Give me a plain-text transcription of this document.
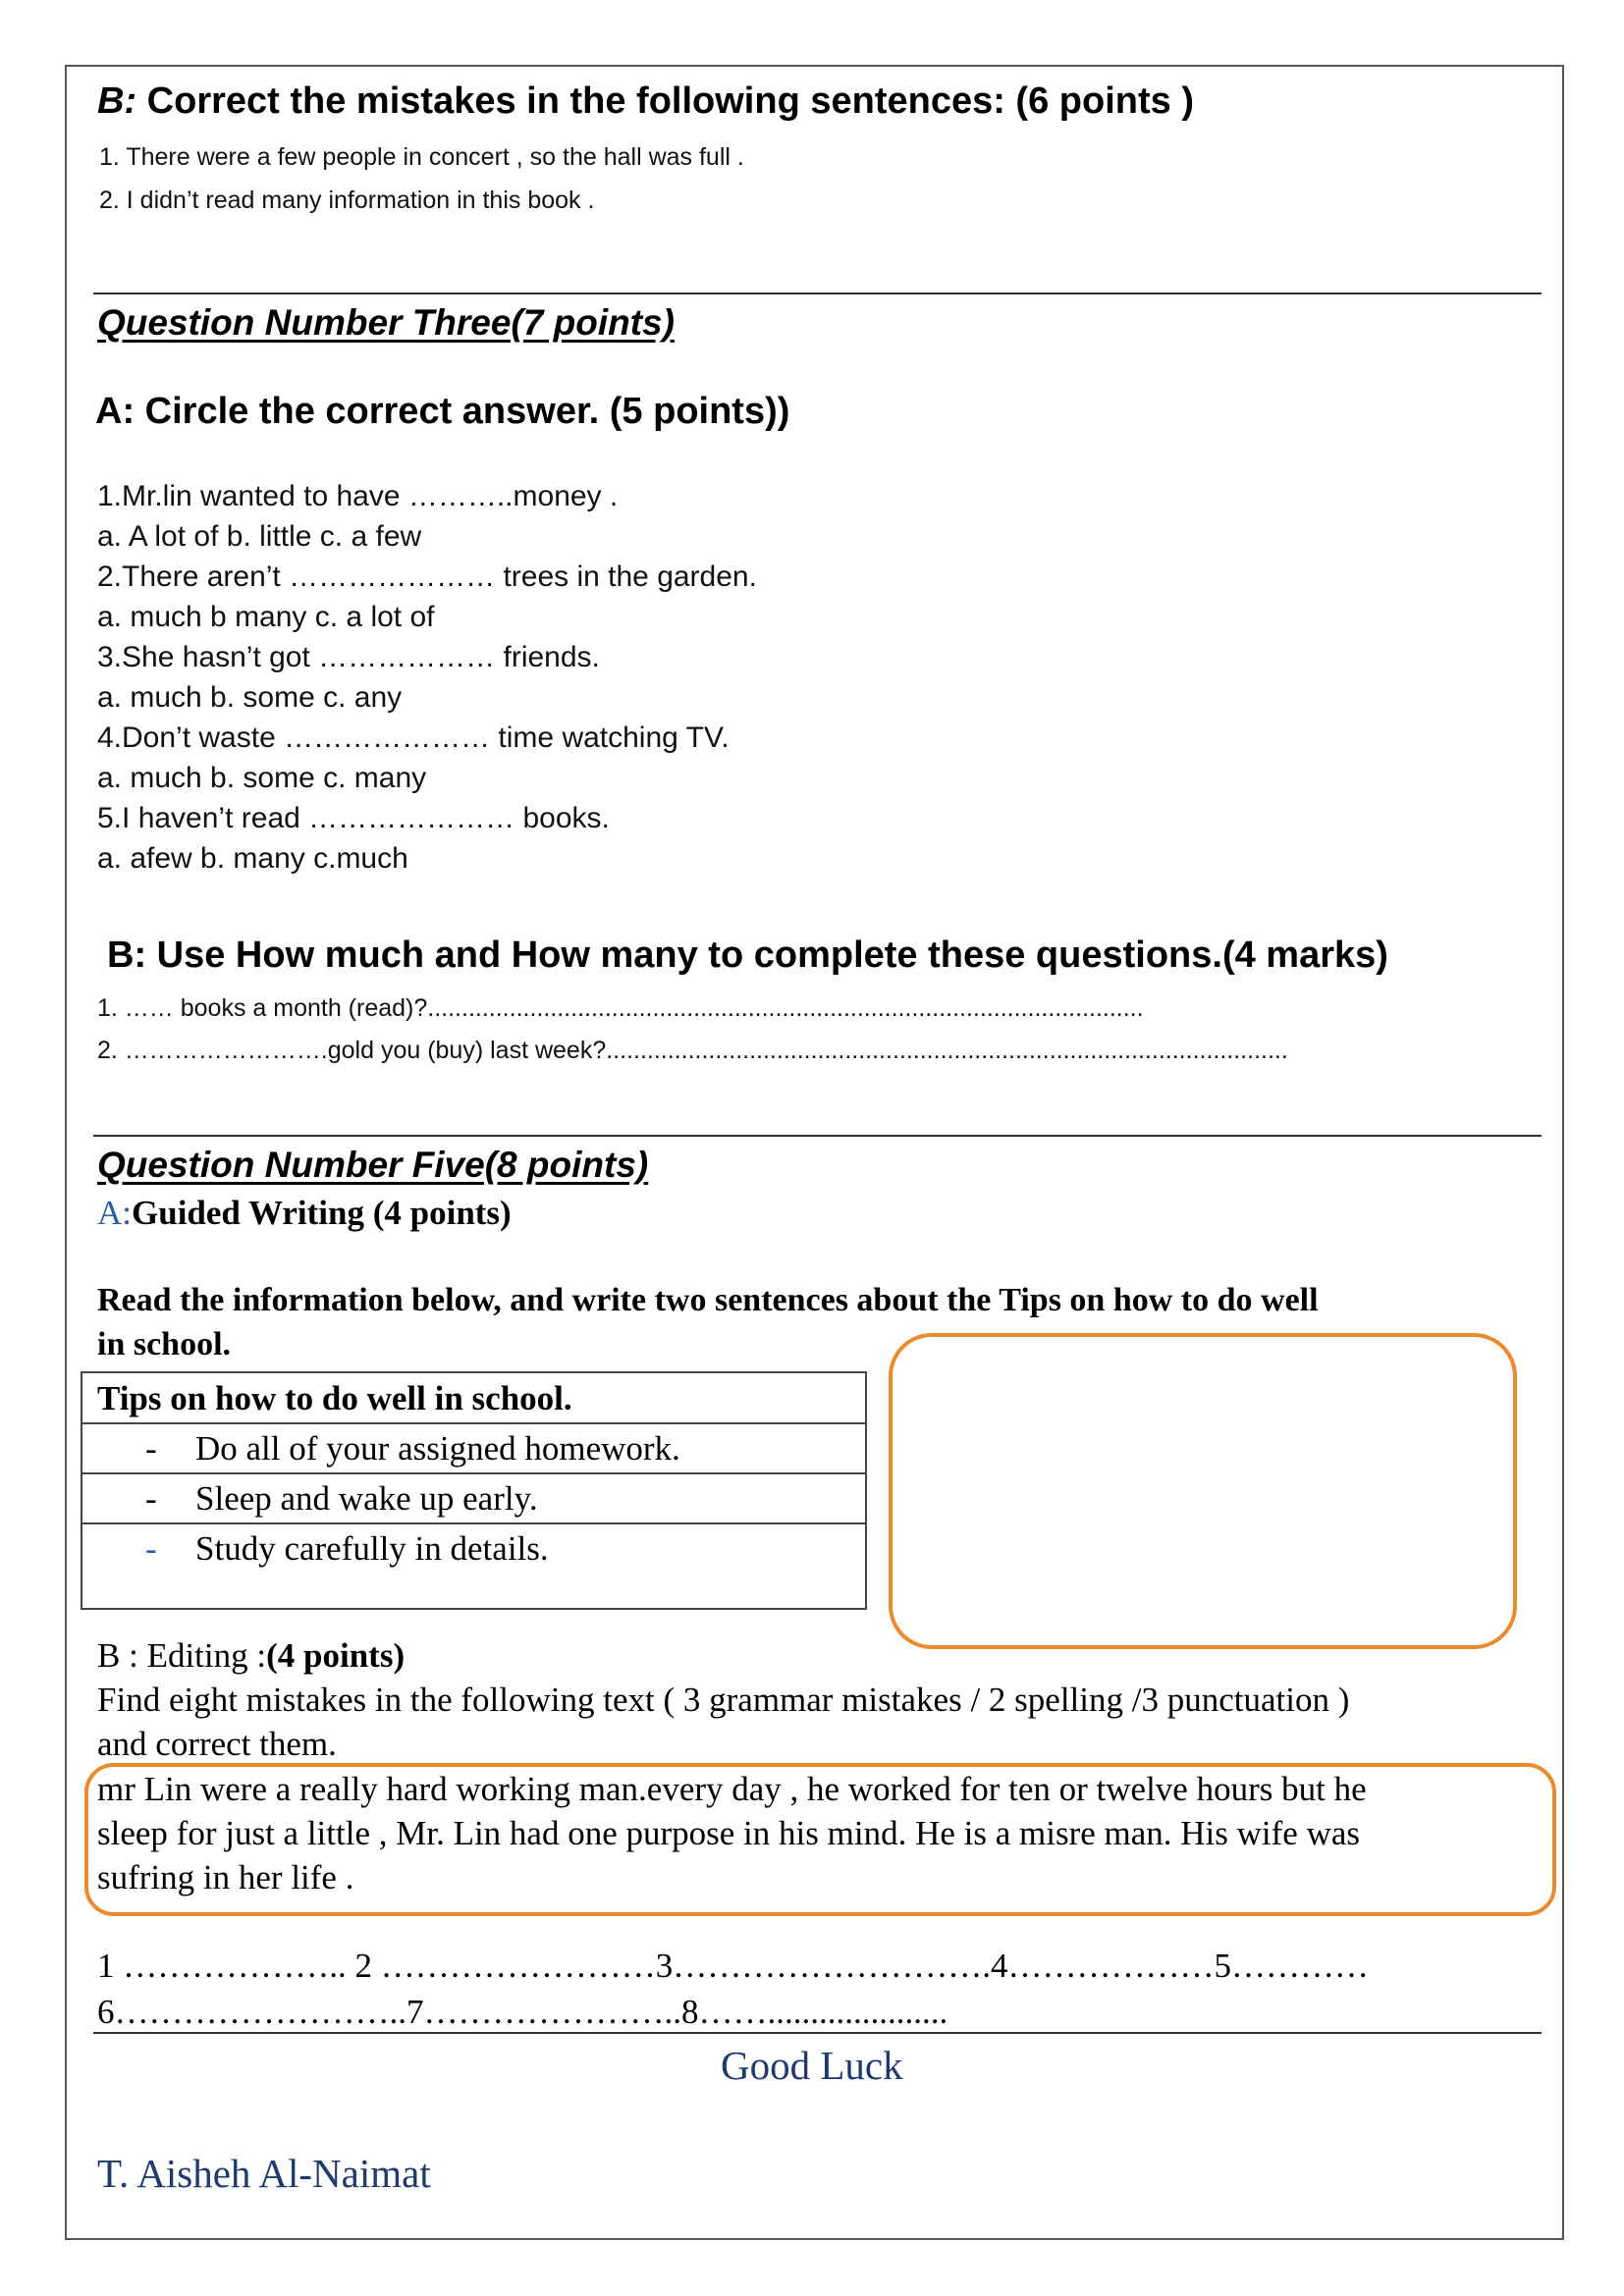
B: Correct the mistakes in the following sentences: (6 points )
1. There were a few people in concert , so the hall was full .
2. I didn’t read many information in this book .
Question Number Three(7 points)
A: Circle the correct answer. (5 points))
1.Mr.lin wanted to have ………..money .
a. A lot of b. little c. a few
2.There aren’t ………………… trees in the garden.
a. much b many c. a lot of
3.She hasn’t got ……………… friends.
a. much b. some c. any
4.Don’t waste ………………… time watching TV.
a. much b. some c. many
5.I haven’t read ………………… books.
a. afew b. many c.much
B: Use How much and How many to complete these questions.(4 marks)
1. …… books a month (read)?.........................................................................................................
2. …………………….gold you (buy) last week?....................................................................................................
Question Number Five(8 points)
A:Guided Writing (4 points)
Read the information below, and write two sentences about the Tips on how to do well
in school.
Tips on how to do well in school.
- Do all of your assigned homework.
- Sleep and wake up early.
- Study carefully in details.
B : Editing :(4 points)
Find eight mistakes in the following text ( 3 grammar mistakes / 2 spelling /3 punctuation )
and correct them.
mr Lin were a really hard working man.every day , he worked for ten or twelve hours but he
sleep for just a little , Mr. Lin had one purpose in his mind. He is a misre man. His wife was
sufring in her life .
1 ……………….. 2 ……………………3……………………….4………………5…………
6……………………..7…………………..8…….....................
Good Luck
T. Aisheh Al-Naimat
